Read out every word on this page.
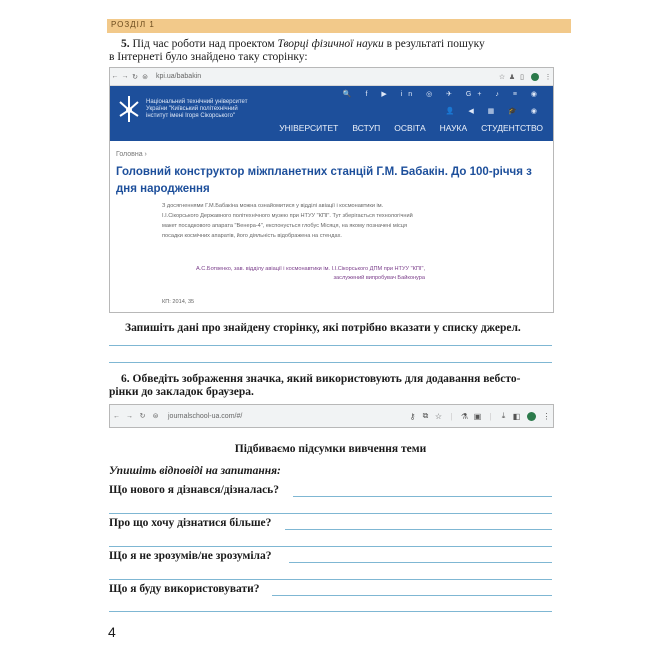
РОЗДІЛ 1
5. Під час роботи над проектом Творці фізичної науки в результаті пошуку
в Інтернеті було знайдено таку сторінку:
← → ↻ ⊜ kpi.ua/babakin	☆ ♟ ▯	⋮
Національний технічний університет
України "Київський політехнічний
інститут імені Ігоря Сікорського"
🔍 f ▶ in ◎ ✈ G+ ♪ ≡ ◉
👤 ◀ ▦ 🎓 ◉
УНІВЕРСИТЕТ ВСТУП ОСВІТА НАУКА СТУДЕНТСТВО
Головна ›
Головний конструктор міжпланетних станцій Г.М. Бабакін. До 100-річчя з дня народження
З досягненнями Г.М.Бабакіна можна ознайомитися у відділі авіації і космонавтики ім. І.І.Сікорського Державного політехнічного музею при НТУУ "КПІ". Тут зберігається технологічний макет посадкового апарата "Венера-4", експонується глобус Місяця, на якому позначені місця посадки космічних апаратів, його діяльність відображена на стендах.
А.С.Ботвенко, зав. відділу авіації і космонавтики ім. І.І.Сікорського ДПМ при НТУУ "КПІ", заслужений випробувач Байконура
КП: 2014, 35
Запишіть дані про знайдену сторінку, які потрібно вказати у списку джерел.
6. Обведіть зображення значка, який використовують для додавання вебсто-
рінки до закладок браузера.
← → ↻	⊜	journalschool-ua.com/#/	⚷ ⧉ ☆	|	⚗ ▣	|	⤓ ◧	⋮
Підбиваємо підсумки вивчення теми
Упишіть відповіді на запитання:
Що нового я дізнався/дізналась?
Про що хочу дізнатися більше?
Що я не зрозумів/не зрозуміла?
Що я буду використовувати?
4
